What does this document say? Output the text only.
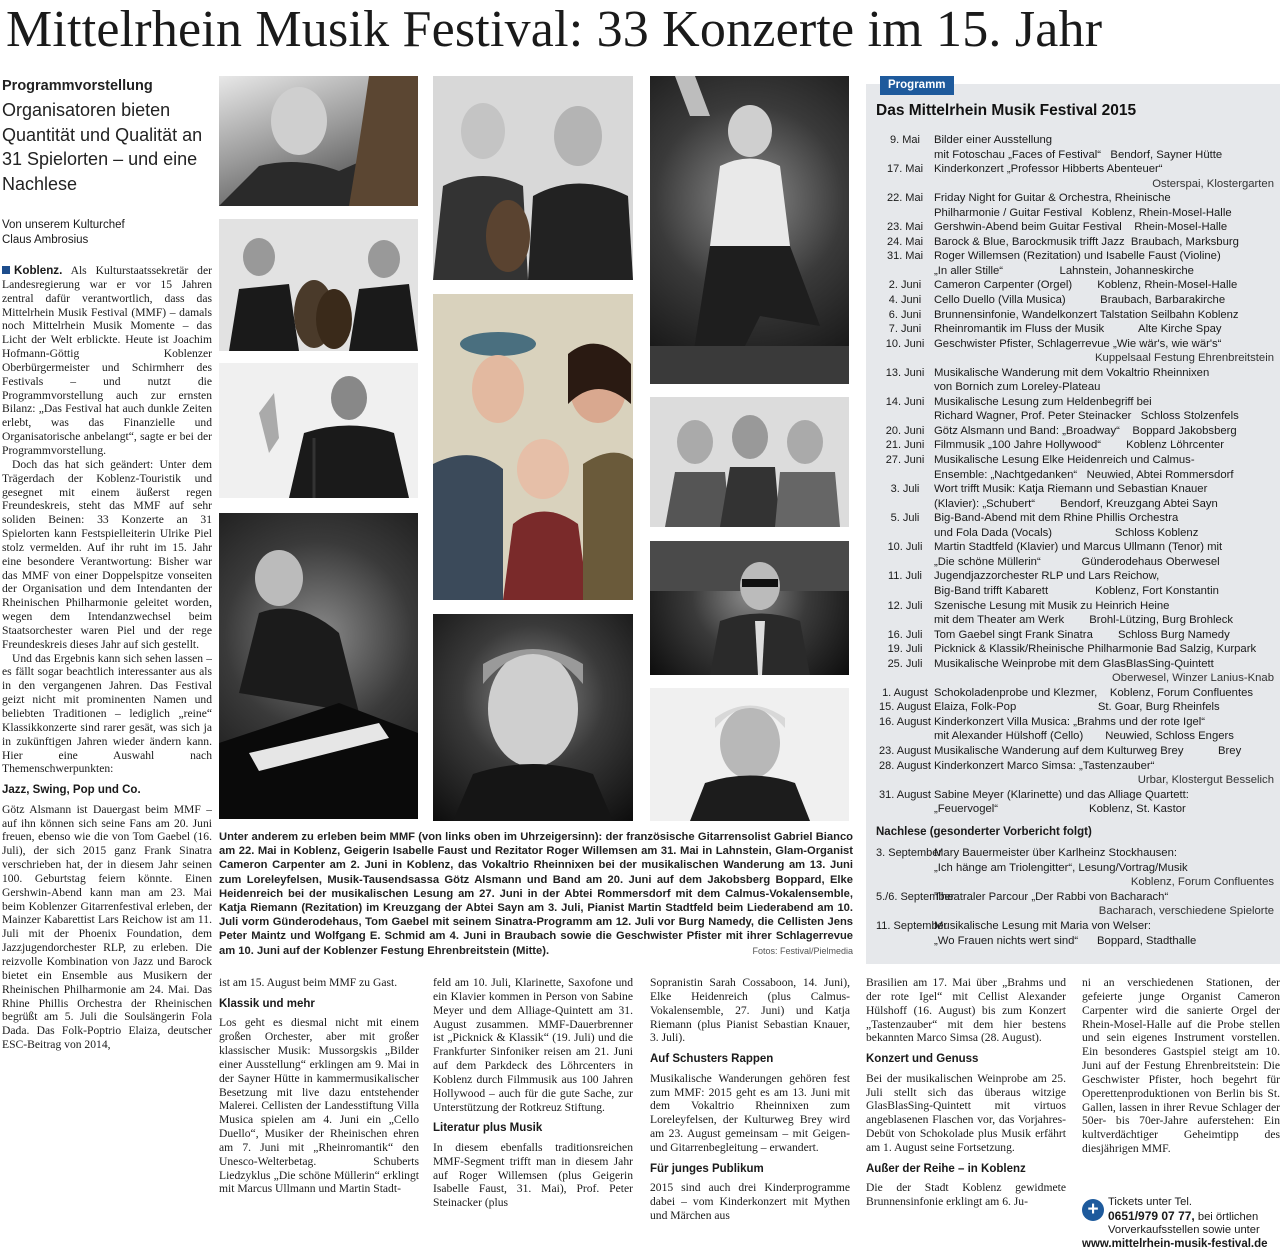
Mittelrhein Musik Festival: 33 Konzerte im 15. Jahr
Programmvorstellung
Organisatoren bieten Quantität und Qualität an 31 Spielorten – und eine Nachlese
Von unserem Kulturchef
Claus Ambrosius

Koblenz. Als Kulturstaatssekretär der Landesregierung war er vor 15 Jahren zentral dafür verantwortlich, dass das Mittelrhein Musik Festival (MMF) – damals noch Mittelrhein Musik Momente – das Licht der Welt erblickte. Heute ist Joachim Hofmann-Göttig Koblenzer Oberbürgermeister und Schirmherr des Festivals – und nutzt die Programmvorstellung auch zur ernsten Bilanz: „Das Festival hat auch dunkle Zeiten erlebt, was das Finanzielle und Organisatorische anbelangt“, sagte er bei der Programmvorstellung.

Doch das hat sich geändert: Unter dem Trägerdach der Koblenz-Touristik und gesegnet mit einem äußerst regen Freundeskreis, steht das MMF auf sehr soliden Beinen: 33 Konzerte an 31 Spielorten kann Festspielleiterin Ulrike Piel stolz vermelden. Auf ihr ruht im 15. Jahr eine besondere Verantwortung: Bisher war das MMF von einer Doppelspitze vonseiten der Organisation und dem Intendanten der Rheinischen Philharmonie geleitet worden, wegen dem Intendanzwechsel beim Staatsorchester waren Piel und der rege Freundeskreis dieses Jahr auf sich gestellt.

Und das Ergebnis kann sich sehen lassen – es fällt sogar beachtlich interessanter aus als in den vergangenen Jahren. Das Festival geizt nicht mit prominenten Namen und beliebten Traditionen – lediglich „reine“ Klassikkonzerte sind rarer gesät, was sich ja in zukünftigen Jahren wieder ändern kann. Hier eine Auswahl nach Themenschwerpunkten:

Jazz, Swing, Pop und Co.

Götz Alsmann ist Dauergast beim MMF – auf ihn können sich seine Fans am 20. Juni freuen, ebenso wie die von Tom Gaebel (16. Juli), der sich 2015 ganz Frank Sinatra verschrieben hat, der in diesem Jahr seinen 100. Geburtstag feiern könnte. Einen Gershwin-Abend kann man am 23. Mai beim Koblenzer Gitarrenfestival erleben, der Mainzer Kabarettist Lars Reichow ist am 11. Juli mit der Phoenix Foundation, dem Jazzjugendorchester RLP, zu erleben. Die reizvolle Kombination von Jazz und Barock bietet ein Ensemble aus Musikern der Rheinischen Philharmonie am 24. Mai. Das Rhine Phillis Orchestra der Rheinischen begrüßt am 5. Juli die Soulsängerin Fola Dada. Das Folk-Poptrio Elaiza, deutscher ESC-Beitrag von 2014,

Unter anderem zu erleben beim MMF (von links oben im Uhrzeigersinn): der französische Gitarrensolist Gabriel Bianco am 22. Mai in Koblenz, Geigerin Isabelle Faust und Rezitator Roger Willemsen am 31. Mai in Lahnstein, Glam-Organist Cameron Carpenter am 2. Juni in Koblenz, das Vokaltrio Rheinnixen bei der musikalischen Wanderung am 13. Juni zum Loreleyfelsen, Musik-Tausendsassa Götz Alsmann und Band am 20. Juni auf dem Jakobsberg Boppard, Elke Heidenreich bei der musikalischen Lesung am 27. Juni in der Abtei Rommersdorf mit dem Calmus-Vokalensemble, Katja Riemann (Rezitation) im Kreuzgang der Abtei Sayn am 3. Juli, Pianist Martin Stadtfeld beim Liederabend am 10. Juli vorm Günderodehaus, Tom Gaebel mit seinem Sinatra-Programm am 12. Juli vor Burg Namedy, die Cellisten Jens Peter Maintz und Wolfgang E. Schmid am 4. Juni in Braubach sowie die Geschwister Pfister mit ihrer Schlagerrevue am 10. Juni auf der Koblenzer Festung Ehrenbreitstein (Mitte).	Fotos: Festival/Pielmedia

ist am 15. August beim MMF zu Gast.

Klassik und mehr

Los geht es diesmal nicht mit einem großen Orchester, aber mit großer klassischer Musik: Mussorgskis „Bilder einer Ausstellung“ erklingen am 9. Mai in der Sayner Hütte in kammermusikalischer Besetzung mit live dazu entstehender Malerei. Cellisten der Landesstiftung Villa Musica spielen am 4. Juni ein „Cello Duello“, Musiker der Rheinischen ehren am 7. Juni mit „Rheinromantik“ den Unesco-Welterbetag. Schuberts Liedzyklus „Die schöne Müllerin“ erklingt mit Marcus Ullmann und Martin Stadt-

feld am 10. Juli, Klarinette, Saxofone und ein Klavier kommen in Person von Sabine Meyer und dem Alliage-Quintett am 31. August zusammen. MMF-Dauerbrenner ist „Picknick & Klassik“ (19. Juli) und die Frankfurter Sinfoniker reisen am 21. Juni auf dem Parkdeck des Löhrcenters in Koblenz durch Filmmusik aus 100 Jahren Hollywood – auch für die gute Sache, zur Unterstützung der Rotkreuz Stiftung.

Literatur plus Musik

In diesem ebenfalls traditionsreichen MMF-Segment trifft man in diesem Jahr auf Roger Willemsen (plus Geigerin Isabelle Faust, 31. Mai), Prof. Peter Steinacker (plus

Sopranistin Sarah Cossaboon, 14. Juni), Elke Heidenreich (plus Calmus-Vokalensemble, 27. Juni) und Katja Riemann (plus Pianist Sebastian Knauer, 3. Juli).

Auf Schusters Rappen

Musikalische Wanderungen gehören fest zum MMF: 2015 geht es am 13. Juni mit dem Vokaltrio Rheinnixen zum Loreleyfelsen, der Kulturweg Brey wird am 23. August gemeinsam – mit Geigen- und Gitarrenbegleitung – erwandert.

Für junges Publikum

2015 sind auch drei Kinderprogramme dabei – vom Kinderkonzert mit Mythen und Märchen aus

Brasilien am 17. Mai über „Brahms und der rote Igel“ mit Cellist Alexander Hülshoff (16. August) bis zum Konzert „Tastenzauber“ mit dem hier bestens bekannten Marco Simsa (28. August).

Konzert und Genuss

Bei der musikalischen Weinprobe am 25. Juli stellt sich das überaus witzige GlasBlasSing-Quintett mit virtuos angeblasenen Flaschen vor, das Vorjahres-Debüt von Schokolade plus Musik erfährt am 1. August seine Fortsetzung.

Außer der Reihe – in Koblenz

Die der Stadt Koblenz gewidmete Brunnensinfonie erklingt am 6. Ju-

ni an verschiedenen Stationen, der gefeierte junge Organist Cameron Carpenter wird die sanierte Orgel der Rhein-Mosel-Halle auf die Probe stellen und sein eigenes Instrument vorstellen. Ein besonderes Gastspiel steigt am 10. Juni auf der Festung Ehrenbreitstein: Die Geschwister Pfister, hoch begehrt für Operettenproduktionen von Berlin bis St. Gallen, lassen in ihrer Revue Schlager der 50er- bis 70er-Jahre auferstehen: Ein kultverdächtiger Geheimtipp des diesjährigen MMF.

+ Tickets unter Tel.
0651/979 07 77, bei örtlichen Vorverkaufsstellen sowie unter
www.mittelrhein-musik-festival.de
Programm
Das Mittelrhein Musik Festival 2015
9. Mai	Bilder einer Ausstellung
mit Fotoschau „Faces of Festival“   Bendorf, Sayner Hütte
17. Mai Kinderkonzert „Professor Hibberts Abenteuer“
Osterspai, Klostergarten
22. Mai Friday Night for Guitar & Orchestra, Rheinische
Philharmonie / Guitar Festival   Koblenz, Rhein-Mosel-Halle
23. Mai Gershwin-Abend beim Guitar Festival    Rhein-Mosel-Halle
24. Mai Barock & Blue, Barockmusik trifft Jazz  Braubach, Marksburg
31. Mai Roger Willemsen (Rezitation) und Isabelle Faust (Violine)
„In aller Stille“                  Lahnstein, Johanneskirche
2. Juni	Cameron Carpenter (Orgel)        Koblenz, Rhein-Mosel-Halle
4. Juni	Cello Duello (Villa Musica)           Braubach, Barbarakirche
6. Juni	Brunnensinfonie, Wandelkonzert Talstation Seilbahn Koblenz
7. Juni	Rheinromantik im Fluss der Musik           Alte Kirche Spay
10. Juni Geschwister Pfister, Schlagerrevue „Wie wär's, wie wär's“
Kuppelsaal Festung Ehrenbreitstein
13. Juni Musikalische Wanderung mit dem Vokaltrio Rheinnixen
von Bornich zum Loreley-Plateau
14. Juni Musikalische Lesung zum Heldenbegriff bei
Richard Wagner, Prof. Peter Steinacker   Schloss Stolzenfels
20. Juni Götz Alsmann und Band: „Broadway“    Boppard Jakobsberg
21. Juni Filmmusik „100 Jahre Hollywood“        Koblenz Löhrcenter
27. Juni Musikalische Lesung Elke Heidenreich und Calmus-
Ensemble: „Nachtgedanken“   Neuwied, Abtei Rommersdorf
3. Juli	Wort trifft Musik: Katja Riemann und Sebastian Knauer
(Klavier): „Schubert“        Bendorf, Kreuzgang Abtei Sayn
5. Juli	Big-Band-Abend mit dem Rhine Phillis Orchestra
und Fola Dada (Vocals)                    Schloss Koblenz
10. Juli	Martin Stadtfeld (Klavier) und Marcus Ullmann (Tenor) mit
„Die schöne Müllerin“             Günderodehaus Oberwesel
11. Juli	Jugendjazzorchester RLP und Lars Reichow,
Big-Band trifft Kabarett               Koblenz, Fort Konstantin
12. Juli	Szenische Lesung mit Musik zu Heinrich Heine
mit dem Theater am Werk        Brohl-Lützing, Burg Brohleck
16. Juli	Tom Gaebel singt Frank Sinatra        Schloss Burg Namedy
19. Juli	Picknick & Klassik/Rheinische Philharmonie Bad Salzig, Kurpark
25. Juli	Musikalische Weinprobe mit dem GlasBlasSing-Quintett
Oberwesel, Winzer Lanius-Knab
1. August Schokoladenprobe und Klezmer,    Koblenz, Forum Confluentes
15. August Elaiza, Folk-Pop                          St. Goar, Burg Rheinfels
16. August Kinderkonzert Villa Musica: „Brahms und der rote Igel“
mit Alexander Hülshoff (Cello)       Neuwied, Schloss Engers
23. August Musikalische Wanderung auf dem Kulturweg Brey           Brey
28. August Kinderkonzert Marco Simsa: „Tastenzauber“
Urbar, Klostergut Besselich
31. August Sabine Meyer (Klarinette) und das Alliage Quartett:
„Feuervogel“                             Koblenz, St. Kastor
Nachlese (gesonderter Vorbericht folgt)
3. September
Mary Bauermeister über Karlheinz Stockhausen:
„Ich hänge am Triolengitter“, Lesung/Vortrag/Musik
Koblenz, Forum Confluentes
5./6. September
Theatraler Parcour „Der Rabbi von Bacharach“
Bacharach, verschiedene Spielorte
11. September
Musikalische Lesung mit Maria von Welser:
„Wo Frauen nichts wert sind“      Boppard, Stadthalle
